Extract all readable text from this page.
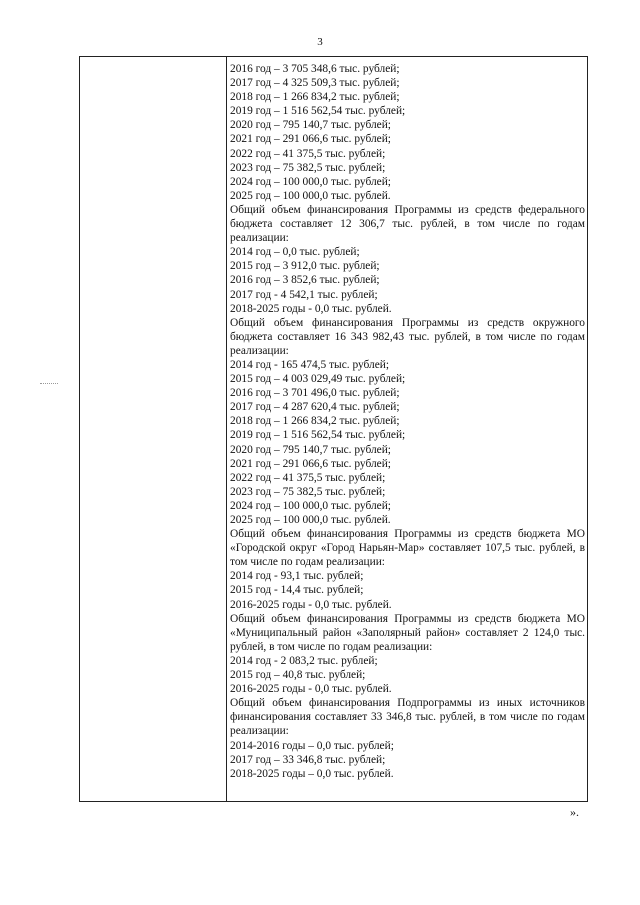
3
2016 год – 3 705 348,6 тыс. рублей;
2017 год – 4 325 509,3 тыс. рублей;
2018 год – 1 266 834,2 тыс. рублей;
2019 год – 1 516 562,54 тыс. рублей;
2020 год – 795 140,7 тыс. рублей;
2021 год – 291 066,6 тыс. рублей;
2022 год – 41 375,5 тыс. рублей;
2023 год – 75 382,5 тыс. рублей;
2024 год – 100 000,0 тыс. рублей;
2025 год – 100 000,0 тыс. рублей.
Общий объем финансирования Программы из средств федерального бюджета составляет 12 306,7 тыс. рублей, в том числе по годам реализации:
2014 год – 0,0 тыс. рублей;
2015 год – 3 912,0 тыс. рублей;
2016 год – 3 852,6 тыс. рублей;
2017 год - 4 542,1 тыс. рублей;
2018-2025 годы - 0,0 тыс. рублей.
Общий объем финансирования Программы из средств окружного бюджета составляет 16 343 982,43 тыс. рублей, в том числе по годам реализации:
2014 год - 165 474,5 тыс. рублей;
2015 год – 4 003 029,49 тыс. рублей;
2016 год – 3 701 496,0 тыс. рублей;
2017 год – 4 287 620,4 тыс. рублей;
2018 год – 1 266 834,2 тыс. рублей;
2019 год – 1 516 562,54 тыс. рублей;
2020 год – 795 140,7 тыс. рублей;
2021 год – 291 066,6 тыс. рублей;
2022 год – 41 375,5 тыс. рублей;
2023 год – 75 382,5 тыс. рублей;
2024 год – 100 000,0 тыс. рублей;
2025 год – 100 000,0 тыс. рублей.
Общий объем финансирования Программы из средств бюджета МО «Городской округ «Город Нарьян-Мар» составляет 107,5 тыс. рублей, в том числе по годам реализации:
2014 год - 93,1 тыс. рублей;
2015 год - 14,4 тыс. рублей;
2016-2025 годы - 0,0 тыс. рублей.
Общий объем финансирования Программы из средств бюджета МО «Муниципальный район «Заполярный район» составляет 2 124,0 тыс. рублей, в том числе по годам реализации:
2014 год - 2 083,2 тыс. рублей;
2015 год – 40,8 тыс. рублей;
2016-2025 годы - 0,0 тыс. рублей.
Общий объем финансирования Подпрограммы из иных источников финансирования составляет 33 346,8 тыс. рублей, в том числе по годам реализации:
2014-2016 годы – 0,0 тыс. рублей;
2017 год – 33 346,8 тыс. рублей;
2018-2025 годы – 0,0 тыс. рублей.
».
